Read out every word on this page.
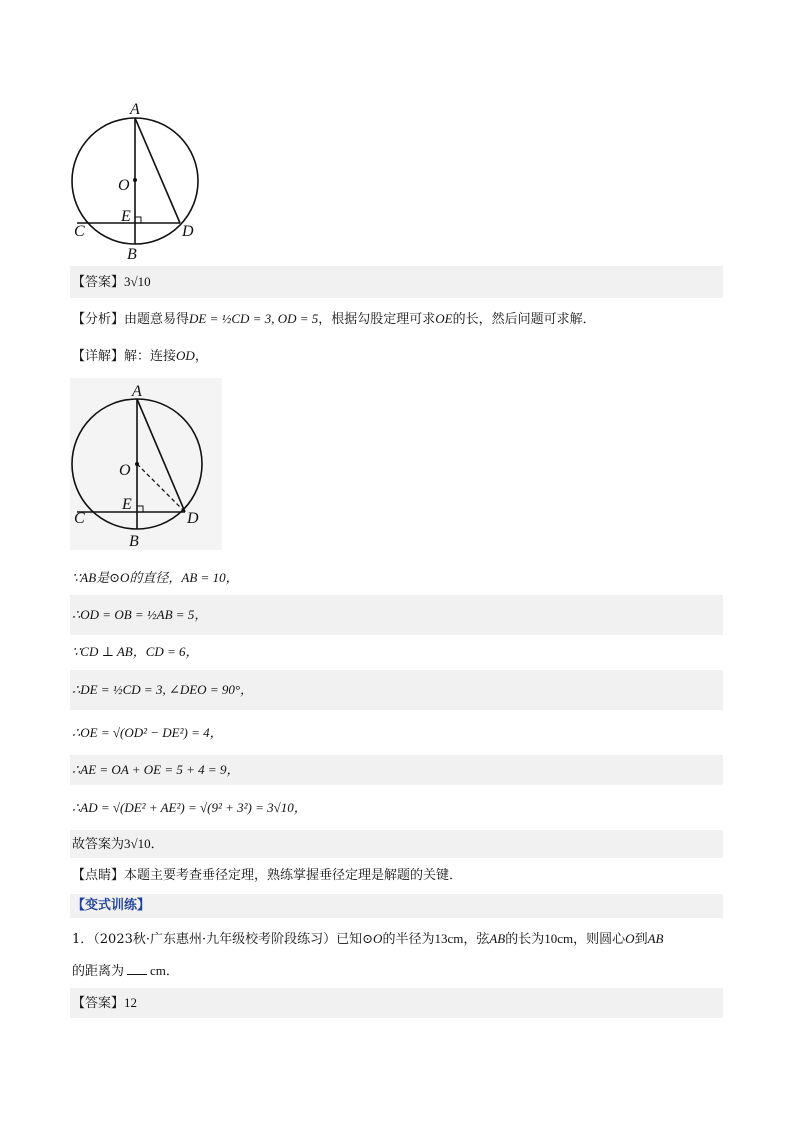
A
O
E
C	D
B
【答案】3√10
【分析】由题意易得DE = ½CD = 3, OD = 5，根据勾股定理可求OE的长，然后问题可求解．
【详解】解：连接OD，
A
O
E
C	D
B
∵AB是⊙O的直径，AB = 10，
∴OD = OB = ½AB = 5，
∵CD ⊥ AB，CD = 6，
∴DE = ½CD = 3, ∠DEO = 90°，
∴OE = √(OD² − DE²) = 4，
∴AE = OA + OE = 5 + 4 = 9，
∴AD = √(DE² + AE²) = √(9² + 3²) = 3√10，
故答案为3√10．
【点睛】本题主要考查垂径定理，熟练掌握垂径定理是解题的关键．
【变式训练】
1．（2023秋·广东惠州·九年级校考阶段练习）已知⊙O的半径为13cm，弦AB的长为10cm，则圆心O到AB
的距离为 cm．
【答案】12
